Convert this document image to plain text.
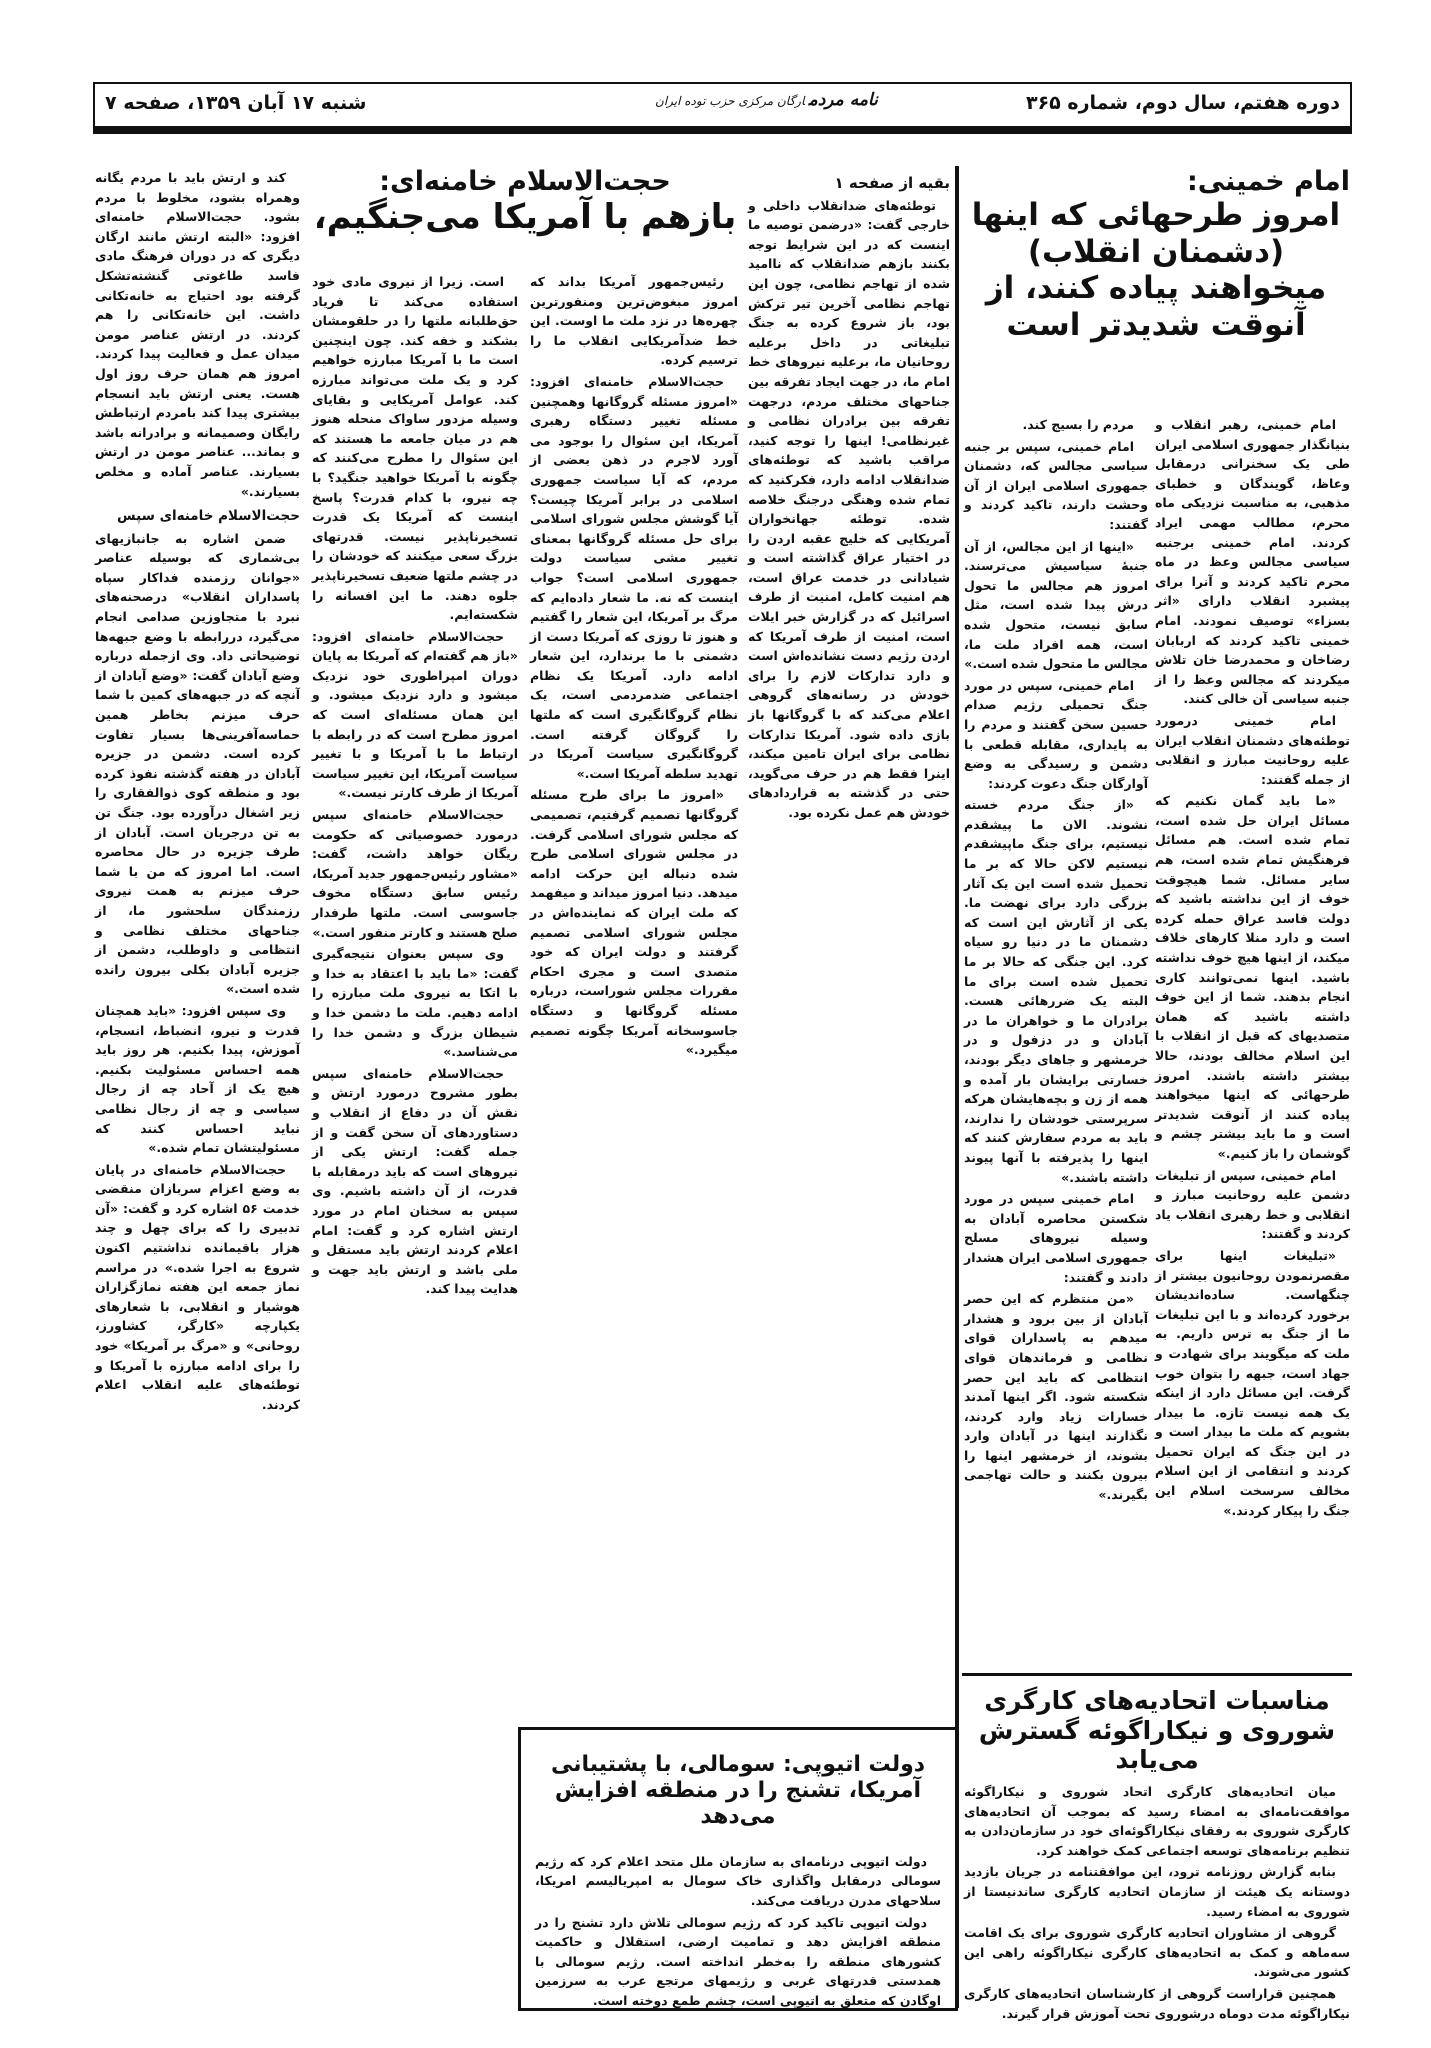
دوره هفتم، سال دوم، شماره ۳۶۵
نامه مردمارگان مرکزی حزب توده ایران
شنبه ۱۷ آبان ۱۳۵۹، صفحه ۷
امام خمینی:
امروز طرحهائی که اینها (دشمنان انقلاب) میخواهند پیاده کنند، از آنوقت شدیدتر است

امام خمینی، رهبر انقلاب و بنیانگذار جمهوری اسلامی ایران طی یک سخنرانی درمقابل وعاظ، گویندگان و خطبای مذهبی، به مناسبت نزدیکی ماه محرم، مطالب مهمی ایراد کردند. امام خمینی برجنبه سیاسی مجالس وعظ در ماه محرم تاکید کردند و آنرا برای پیشبرد انقلاب دارای «اثر بسزاء» توصیف نمودند. امام خمینی تاکید کردند که اربابان رضاخان و محمدرضا خان تلاش میکردند که مجالس وعظ را از جنبه سیاسی آن خالی کنند.

امام خمینی درمورد توطئه‌های دشمنان انقلاب ایران علیه روحانیت مبارز و انقلابی از جمله گفتند:

«ما باید گمان نکنیم که مسائل ایران حل شده است، تمام شده است. هم مسائل فرهنگیش تمام شده است، هم سایر مسائل. شما هیچوقت خوف از این نداشته باشید که دولت فاسد عراق حمله کرده است و دارد منلا کارهای خلاف میکند، از اینها هیچ خوف نداشته باشید. اینها نمی‌توانند کاری انجام بدهند. شما از این خوف داشته باشید که همان متصدیهای که قبل از انقلاب با این اسلام مخالف بودند، حالا بیشتر داشته باشند. امروز طرحهائی که اینها میخواهند پیاده کنند از آنوقت شدیدتر است و ما باید بیشتر چشم و گوشمان را باز کنیم.»

امام خمینی، سپس از تبلیغات دشمن علیه روحانیت مبارز و انقلابی و خط رهبری انقلاب یاد کردند و گفتند:

«تبلیغات اینها برای مقصرنمودن روحانیون بیشتر از چنگهاست. ساده‌اندیشان برخورد کرده‌اند و با این تبلیغات ما از جنگ به ترس داریم. به ملت که میگویند برای شهادت و جهاد است، جبهه را بتوان خوب گرفت. این مسائل دارد از اینکه یک همه نیست تازه. ما بیدار بشویم که ملت ما بیدار است و در این جنگ که ایران تحمیل کردند و انتقامی از این اسلام مخالف سرسخت اسلام این جنگ را پیکار کردند.»

مردم را بسیج کند.

امام خمینی، سپس بر جنبه سیاسی مجالس که، دشمنان جمهوری اسلامی ایران از آن وحشت دارند، تاکید کردند و گفتند:

«اینها از این مجالس، از آن جنبهٔ سیاسیش می‌ترسند. امروز هم مجالس ما تحول درش پیدا شده است، مثل سابق نیست، متحول شده است، همه افراد ملت ما، مجالس ما متحول شده است.»

امام خمینی، سپس در مورد جنگ تحمیلی رژیم صدام حسین سخن گفتند و مردم را به پایداری، مقابله قطعی با دشمن و رسیدگی به وضع آوارگان جنگ دعوت کردند:

«از جنگ مردم خسته نشوند. الان ما پیشقدم نیستیم، برای جنگ ماپیشقدم نیستیم لاکن حالا که بر ما تحمیل شده است این یک آثار بزرگی دارد برای نهضت ما. یکی از آثارش این است که دشمنان ما در دنیا رو سیاه کرد. این جنگی که حالا بر ما تحمیل شده است برای ما البته یک ضررهائی هست. برادران ما و خواهران ما در آبادان و در دزفول و در خرمشهر و جاهای دیگر بودند، خسارتی برایشان بار آمده و همه از زن و بچه‌هایشان هرکه سرپرستی خودشان را ندارند، باید به مردم سفارش کنند که اینها را پذیرفته با آنها پیوند داشته باشند.»

امام خمینی سپس در مورد شکستن محاصره آبادان به وسیله نیروهای مسلح جمهوری اسلامی ایران هشدار دادند و گفتند:

«من منتظرم که این حصر آبادان از بین برود و هشدار میدهم به پاسداران قوای نظامی و فرماندهان قوای انتظامی که باید این حصر شکسته شود. اگر اینها آمدند خسارات زیاد وارد کردند، نگذارند اینها در آبادان وارد بشوند، از خرمشهر اینها را بیرون بکنند و حالت تهاجمی بگیرند.»

بقیه از صفحه ۱

توطئه‌های ضدانقلاب داخلی و خارجی گفت: «درضمن توصیه ما اینست که در این شرایط توجه بکنند بازهم ضدانقلاب که ناامید شده از تهاجم نظامی، چون این تهاجم نظامی آخرین تیر ترکش بود، باز شروع کرده به جنگ تبلیغاتی در داخل برعلیه روحانیان ما، برعلیه نیروهای خط امام ما، در جهت ایجاد تفرقه بین جناحهای مختلف مردم، درجهت تفرقه بین برادران نظامی و غیرنظامی! اینها را توجه کنید، مراقب باشید که توطئه‌های ضدانقلاب ادامه دارد، فکرکنید که تمام شده وهنگی درجنگ خلاصه شده. توطئه جهانخواران آمریکایی که خلیج عقبه اردن را در اختیار عراق گذاشته است و شیادانی در خدمت عراق است، هم امنیت کامل، امنیت از طرف اسرائیل که در گزارش خبر ایلات است، امنیت از طرف آمریکا که اردن رژیم دست نشانده‌اش است و دارد تدارکات لازم را برای خودش در رسانه‌های گروهی اعلام می‌کند که با گروگانها باز بازی داده شود. آمریکا تدارکات نظامی برای ایران تامین میکند، اینرا فقط هم در حرف می‌گوید، حتی در گذشته به قراردادهای خودش هم عمل نکرده بود.

رئیس‌جمهور آمریکا بداند که امروز مبغوض‌ترین ومنفورترین چهره‌ها در نزد ملت ما اوست. این خط ضدآمریکایی انقلاب ما را ترسیم کرده.

حجت‌الاسلام خامنه‌ای افزود: «امروز مسئله گروگانها وهمچنین مسئله تغییر دستگاه رهبری آمریکا، این سئوال را بوجود می آورد لاجرم در ذهن بعضی از مردم، که آیا سیاست جمهوری اسلامی در برابر آمریکا چیست؟ آیا گوشش مجلس شورای اسلامی برای حل مسئله گروگانها بمعنای تغییر مشی سیاست دولت جمهوری اسلامی است؟ جواب اینست که نه. ما شعار داده‌ایم که مرگ بر آمریکا، این شعار را گفتیم و هنوز تا روزی که آمریکا دست از دشمنی با ما برندارد، این شعار ادامه دارد. آمریکا یک نظام اجتماعی ضدمردمی است، یک نظام گروگانگیری است که ملتها را گروگان گرفته است. گروگانگیری سیاست آمریکا در تهدید سلطه آمریکا است.»

«امروز ما برای طرح مسئله گروگانها تصمیم گرفتیم، تصمیمی که مجلس شورای اسلامی گرفت. در مجلس شورای اسلامی طرح شده دنباله این حرکت ادامه میدهد. دنیا امروز میداند و میفهمد که ملت ایران که نماینده‌اش در مجلس شورای اسلامی تصمیم گرفتند و دولت ایران که خود متصدی است و مجری احکام مقررات مجلس شوراست، درباره مسئله گروگانها و دستگاه جاسوسخانه آمریکا چگونه تصمیم میگیرد.»

حجت‌الاسلام خامنه‌ای:
بازهم با آمریکا می‌جنگیم،

است. زیرا از نیروی مادی خود استفاده می‌کند تا فریاد حق‌طلبانه ملتها را در حلقومشان بشکند و خفه کند. چون اینچنین است ما با آمریکا مبارزه خواهیم کرد و یک ملت می‌تواند مبارزه کند. عوامل آمریکایی و بقایای وسیله مزدور ساواک منحله هنوز هم در میان جامعه ما هستند که این سئوال را مطرح می‌کنند که چگونه با آمریکا خواهید جنگید؟ با چه نیرو، با کدام قدرت؟ پاسخ اینست که آمریکا یک قدرت تسخیرناپذیر نیست. قدرتهای بزرگ سعی میکنند که خودشان را در چشم ملتها ضعیف تسخیرناپذیر جلوه دهند. ما این افسانه را شکسته‌ایم.

حجت‌الاسلام خامنه‌ای افزود: «باز هم گفته‌ام که آمریکا به پایان دوران امپراطوری خود نزدیک میشود و دارد نزدیک میشود. و این همان مسئله‌ای است که امروز مطرح است که در رابطه با ارتباط ما با آمریکا و با تغییر سیاست آمریکا، این تغییر سیاست آمریکا از طرف کارتر نیست.»

حجت‌الاسلام خامنه‌ای سپس درمورد خصوصیاتی که حکومت ریگان خواهد داشت، گفت: «مشاور رئیس‌جمهور جدید آمریکا، رئیس سابق دستگاه مخوف جاسوسی است. ملتها طرفدار صلح هستند و کارتر منفور است.»

وی سپس بعنوان نتیجه‌گیری گفت: «ما باید با اعتقاد به خدا و با اتکا به نیروی ملت مبارزه را ادامه دهیم. ملت ما دشمن خدا و شیطان بزرگ و دشمن خدا را می‌شناسد.»

حجت‌الاسلام خامنه‌ای سپس بطور مشروح درمورد ارتش و نقش آن در دفاع از انقلاب و دستاوردهای آن سخن گفت و از جمله گفت: ارتش یکی از نیروهای است که باید درمقابله با قدرت، از آن داشته باشیم. وی سپس به سخنان امام در مورد ارتش اشاره کرد و گفت: امام اعلام کردند ارتش باید مستقل و ملی باشد و ارتش باید جهت و هدایت پیدا کند.

کند و ارتش باید با مردم یگانه وهمراه بشود، مخلوط با مردم بشود. حجت‌الاسلام خامنه‌ای افزود: «البته ارتش مانند ارگان دیگری که در دوران فرهنگ مادی فاسد طاغوتی گنشته‌تشکل گرفته بود احتیاج به خانه‌تکانی داشت. این خانه‌تکانی را هم کردند. در ارتش عناصر مومن میدان عمل و فعالیت پیدا کردند. امروز هم همان حرف روز اول هست. یعنی ارتش باید انسجام بیشتری پیدا کند بامردم ارتباطش رایگان وصمیمانه و برادرانه باشد و بماند... عناصر مومن در ارتش بسیارند. عناصر آماده و مخلص بسیارند.»

حجت‌الاسلام خامنه‌ای سپس

ضمن اشاره به جانبازیهای بی‌شماری که بوسیله عناصر «جوانان رزمنده فداکار سپاه پاسداران انقلاب» درصحنه‌های نبرد با متجاوزین صدامی انجام می‌گیرد، دررابطه با وضع جبهه‌ها توضیحاتی داد. وی ازجمله درباره وضع آبادان گفت: «وضع آبادان از آنچه که در جبهه‌های کمین با شما حرف میزنم بخاطر همین حماسه‌آفرینی‌ها بسیار تفاوت کرده است. دشمن در جزیره آبادان در هفته گذشته نفوذ کرده بود و منطقه کوی ذوالفقاری را زیر اشغال درآورده بود. جنگ تن به تن درجریان است. آبادان از طرف جزیره در حال محاصره است. اما امروز که من با شما حرف میزنم به همت نیروی رزمندگان سلحشور ما، از جناحهای مختلف نظامی و انتظامی و داوطلب، دشمن از جزیره آبادان بکلی بیرون رانده شده است.»

وی سپس افزود: «باید همچنان قدرت و نیرو، انضباط، انسجام، آموزش، پیدا بکنیم. هر روز باید همه احساس مسئولیت بکنیم. هیچ یک از آحاد چه از رجال سیاسی و چه از رجال نظامی نباید احساس کنند که مسئولیتشان تمام شده.»

حجت‌الاسلام خامنه‌ای در پایان به وضع اعزام سربازان منقضی خدمت ۵۶ اشاره کرد و گفت: «آن تدبیری را که برای چهل و چند هزار باقیمانده نداشتیم اکنون شروع به اجرا شده.» در مراسم نماز جمعه این هفته نمازگزاران هوشیار و انقلابی، با شعارهای یکپارچه «کارگر، کشاورز، روحانی» و «مرگ بر آمریکا» خود را برای ادامه مبارزه با آمریکا و توطئه‌های علیه انقلاب اعلام کردند.

مناسبات اتحادیه‌های کارگری شوروی و نیکاراگوئه گسترش می‌یابد

میان اتحادیه‌های کارگری اتحاد شوروی و نیکاراگوئه موافقت‌نامه‌ای به امضاء رسید که بموجب آن اتحادیه‌های کارگری شوروی به رفقای نیکاراگوئه‌ای خود در سازمان‌دادن به تنظیم برنامه‌های توسعه اجتماعی کمک خواهند کرد.

بنابه گزارش روزنامه ترود، این موافقتنامه در جریان بازدید دوستانه یک هیئت از سازمان اتحادیه کارگری ساندنیستا از شوروی به امضاء رسید.

گروهی از مشاوران اتحادیه کارگری شوروی برای یک اقامت سه‌ماهه و کمک به اتحادیه‌های کارگری نیکاراگوئه راهی این کشور می‌شوند.

همچنین قراراست گروهی از کارشناسان اتحادیه‌های کارگری نیکاراگوئه مدت دوماه درشوروی تحت آموزش قرار گیرند.

دولت اتیوپی: سومالی، با پشتیبانی آمریکا، تشنج را در منطقه افزایش می‌دهد

دولت اتیوپی درنامه‌ای به سازمان ملل متحد اعلام کرد که رژیم سومالی درمقابل واگذاری خاک سومال به امپریالیسم امریکا، سلاحهای مدرن دریافت می‌کند.

دولت اتیوپی تاکید کرد که رژیم سومالی تلاش دارد تشنج را در منطقه افزایش دهد و تمامیت ارضی، استقلال و حاکمیت کشورهای منطقه را به‌خطر انداخته است. رژیم سومالی با همدستی قدرتهای غربی و رژیمهای مرتجع عرب به سرزمین اوگادن که متعلق به اتیوپی است، چشم طمع دوخته است.
